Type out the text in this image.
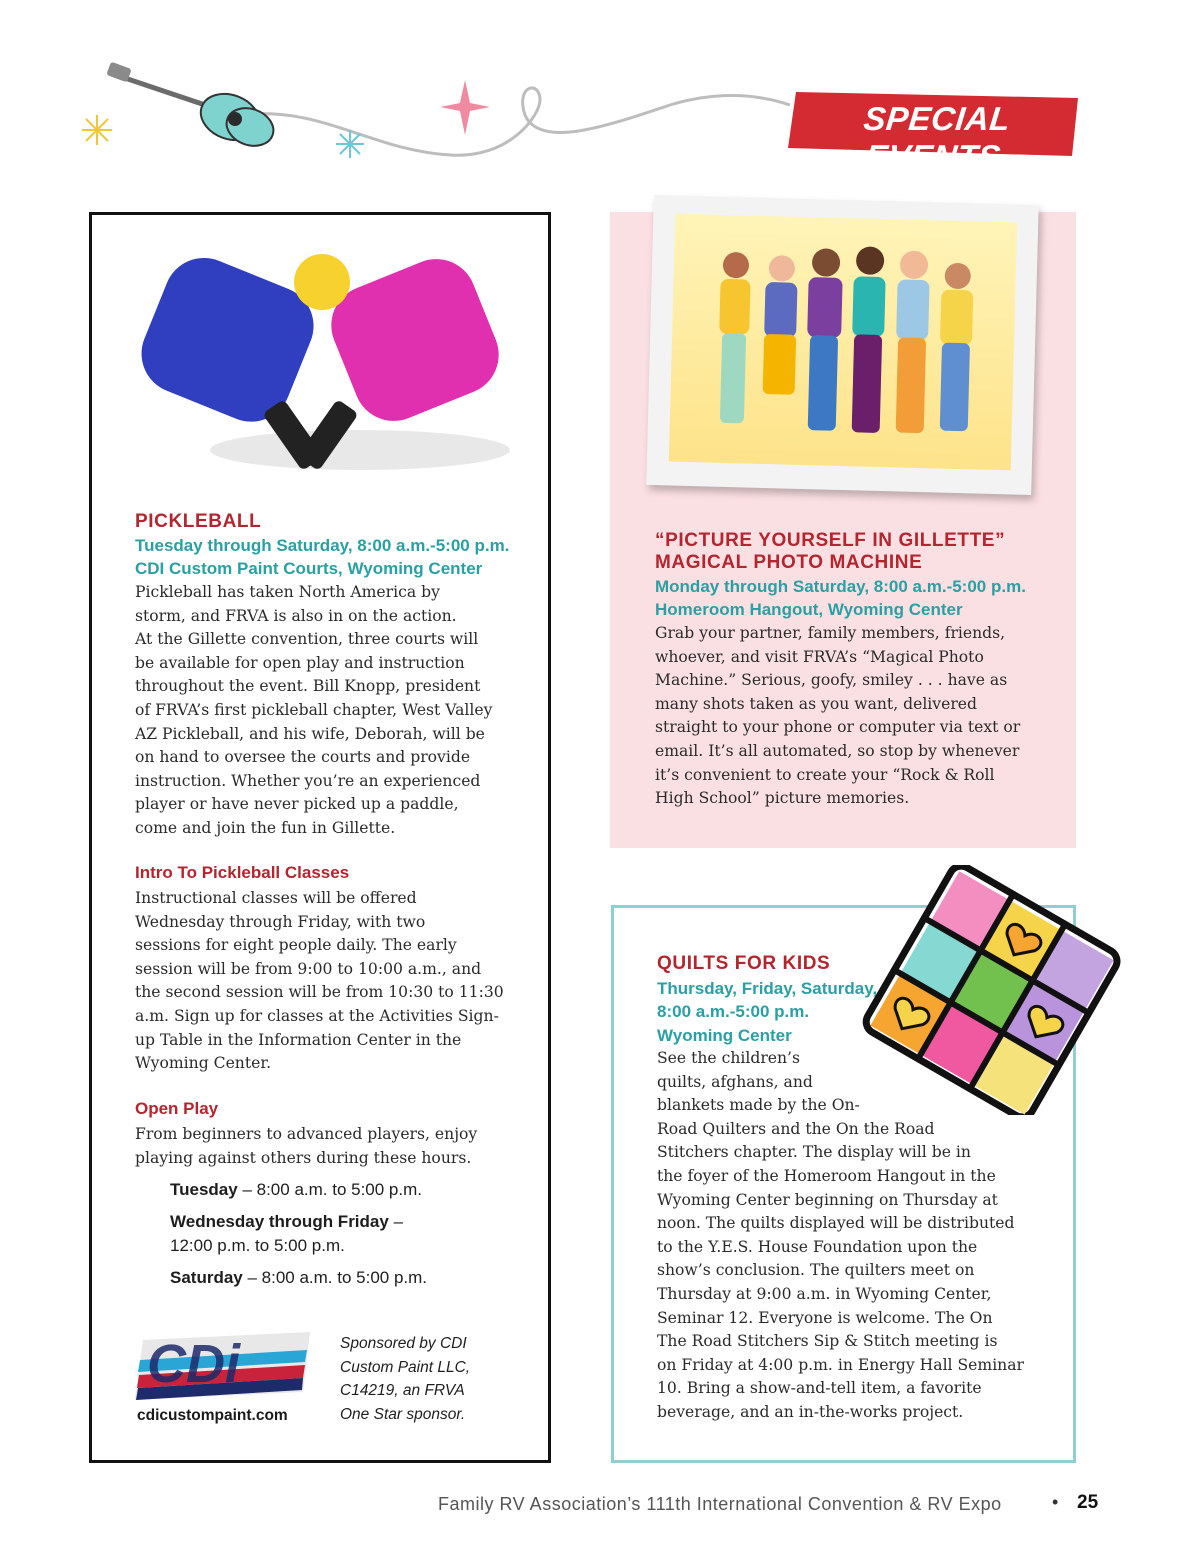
SPECIAL EVENTS
PICKLEBALL
Tuesday through Saturday, 8:00 a.m.-5:00 p.m.
CDI Custom Paint Courts, Wyoming Center
Pickleball has taken North America by
storm, and FRVA is also in on the action.
At the Gillette convention, three courts will
be available for open play and instruction
throughout the event. Bill Knopp, president
of FRVA’s first pickleball chapter, West Valley
AZ Pickleball, and his wife, Deborah, will be
on hand to oversee the courts and provide
instruction. Whether you’re an experienced
player or have never picked up a paddle,
come and join the fun in Gillette.
Intro To Pickleball Classes
Instructional classes will be offered
Wednesday through Friday, with two
sessions for eight people daily. The early
session will be from 9:00 to 10:00 a.m., and
the second session will be from 10:30 to 11:30
a.m. Sign up for classes at the Activities Sign-
up Table in the Information Center in the
Wyoming Center.
Open Play
From beginners to advanced players, enjoy
playing against others during these hours.
Tuesday – 8:00 a.m. to 5:00 p.m.
Wednesday through Friday –
12:00 p.m. to 5:00 p.m.
Saturday – 8:00 a.m. to 5:00 p.m.
CDi
cdicustompaint.com
Sponsored by CDI
Custom Paint LLC,
C14219, an FRVA
One Star sponsor.
“PICTURE YOURSELF IN GILLETTE”
MAGICAL PHOTO MACHINE
Monday through Saturday, 8:00 a.m.-5:00 p.m.
Homeroom Hangout, Wyoming Center
Grab your partner, family members, friends,
whoever, and visit FRVA’s “Magical Photo
Machine.” Serious, goofy, smiley . . . have as
many shots taken as you want, delivered
straight to your phone or computer via text or
email. It’s all automated, so stop by whenever
it’s convenient to create your “Rock & Roll
High School” picture memories.
QUILTS FOR KIDS
Thursday, Friday, Saturday,
8:00 a.m.-5:00 p.m.
Wyoming Center
See the children’s
quilts, afghans, and
blankets made by the On-
Road Quilters and the On the Road
Stitchers chapter. The display will be in
the foyer of the Homeroom Hangout in the
Wyoming Center beginning on Thursday at
noon. The quilts displayed will be distributed
to the Y.E.S. House Foundation upon the
show’s conclusion. The quilters meet on
Thursday at 9:00 a.m. in Wyoming Center,
Seminar 12. Everyone is welcome. The On
The Road Stitchers Sip & Stitch meeting is
on Friday at 4:00 p.m. in Energy Hall Seminar
10. Bring a show-and-tell item, a favorite
beverage, and an in-the-works project.
Family RV Association’s 111th International Convention & RV Expo	• 25
